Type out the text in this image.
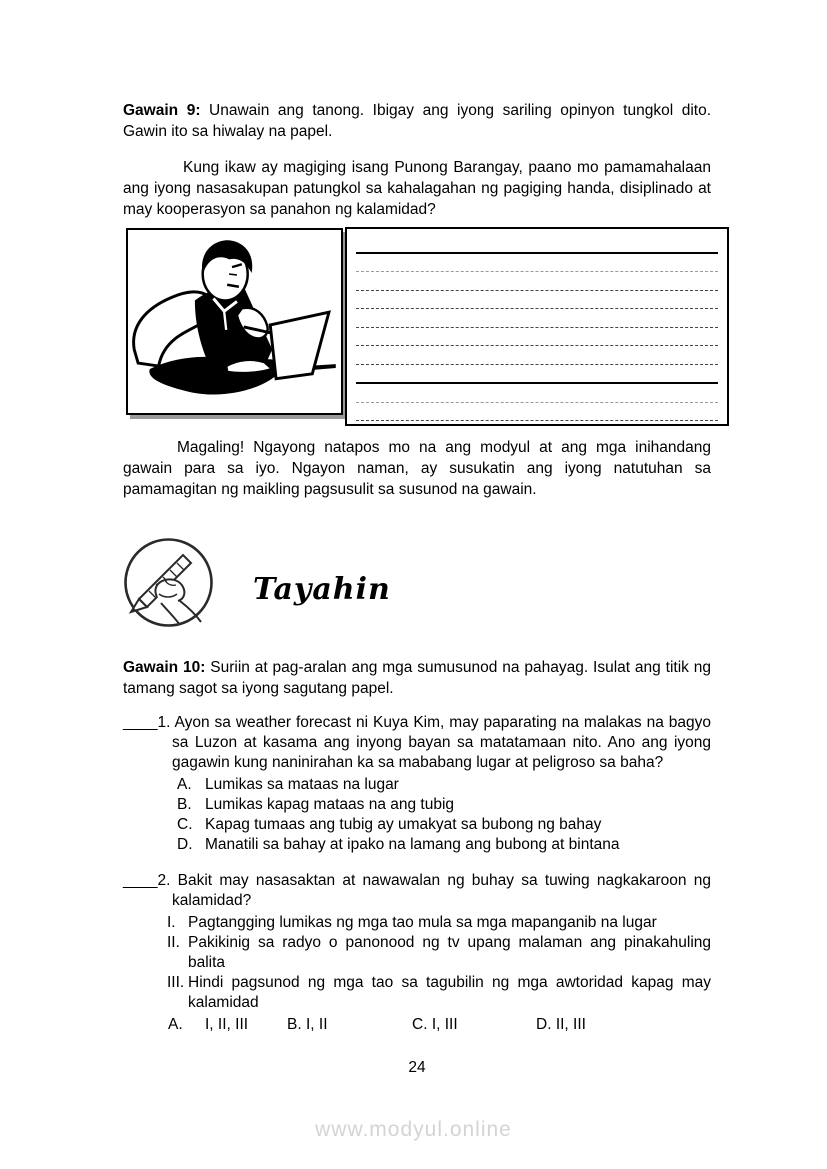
Gawain 9: Unawain ang tanong. Ibigay ang iyong sariling opinyon tungkol dito. Gawin ito sa hiwalay na papel.

Kung ikaw ay magiging isang Punong Barangay, paano mo pamamahalaan ang iyong nasasakupan patungkol sa kahalagahan ng pagiging handa, disiplinado at may kooperasyon sa panahon ng kalamidad?

Magaling! Ngayong natapos mo na ang modyul at ang mga inihandang gawain para sa iyo. Ngayon naman, ay susukatin ang iyong natutuhan sa pamamagitan ng maikling pagsusulit sa susunod na gawain.

Tayahin

Gawain 10: Suriin at pag-aralan ang mga sumusunod na pahayag. Isulat ang titik ng tamang sagot sa iyong sagutang papel.

____1. Ayon sa weather forecast ni Kuya Kim, may paparating na malakas na bagyo sa Luzon at kasama ang inyong bayan sa matatamaan nito. Ano ang iyong gagawin kung naninirahan ka sa mababang lugar at peligroso sa baha?
A. Lumikas sa mataas na lugar
B. Lumikas kapag mataas na ang tubig
C. Kapag tumaas ang tubig ay umakyat sa bubong ng bahay
D. Manatili sa bahay at ipako na lamang ang bubong at bintana
____2. Bakit may nasasaktan at nawawalan ng buhay sa tuwing nagkakaroon ng kalamidad?
I. Pagtangging lumikas ng mga tao mula sa mga mapanganib na lugar
II. Pakikinig sa radyo o panonood ng tv upang malaman ang pinakahuling balita
III. Hindi pagsunod ng mga tao sa tagubilin ng mga awtoridad kapag may kalamidad
A. I, II, III	B. I, II	C. I, III	D. II, III
24
www.modyul.online
